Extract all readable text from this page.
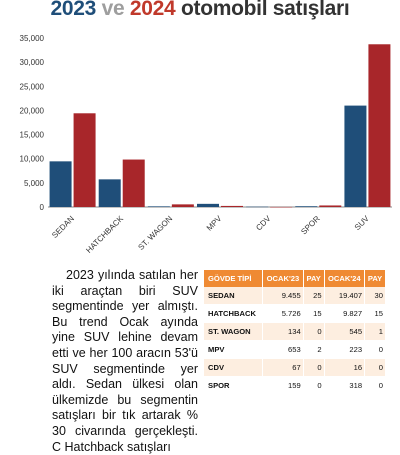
2023 ve 2024 otomobil satışları
0
5,000
10,000
15,000
20,000
25,000
30,000
35,000
SEDAN HATCHBACK ST. WAGON	MPV	CDV	SPOR	SUV
2023 yılında satılan her iki araçtan biri SUV segmentinde yer almıştı. Bu trend Ocak ayında yine SUV lehine devam etti ve her 100 aracın 53'ü SUV segmentinde yer aldı. Sedan ülkesi olan ülkemizde bu segmentin satışları bir tık artarak % 30 civarında gerçekleşti. C Hatchback satışları
GÖVDE TİPİ	OCAK'23	PAY	OCAK'24	PAY
SEDAN	9.455	25	19.407	30
HATCHBACK	5.726	15	9.827	15
ST. WAGON	134	0	545	1
MPV	653	2	223	0
CDV	67	0	16	0
SPOR	159	0	318	0
